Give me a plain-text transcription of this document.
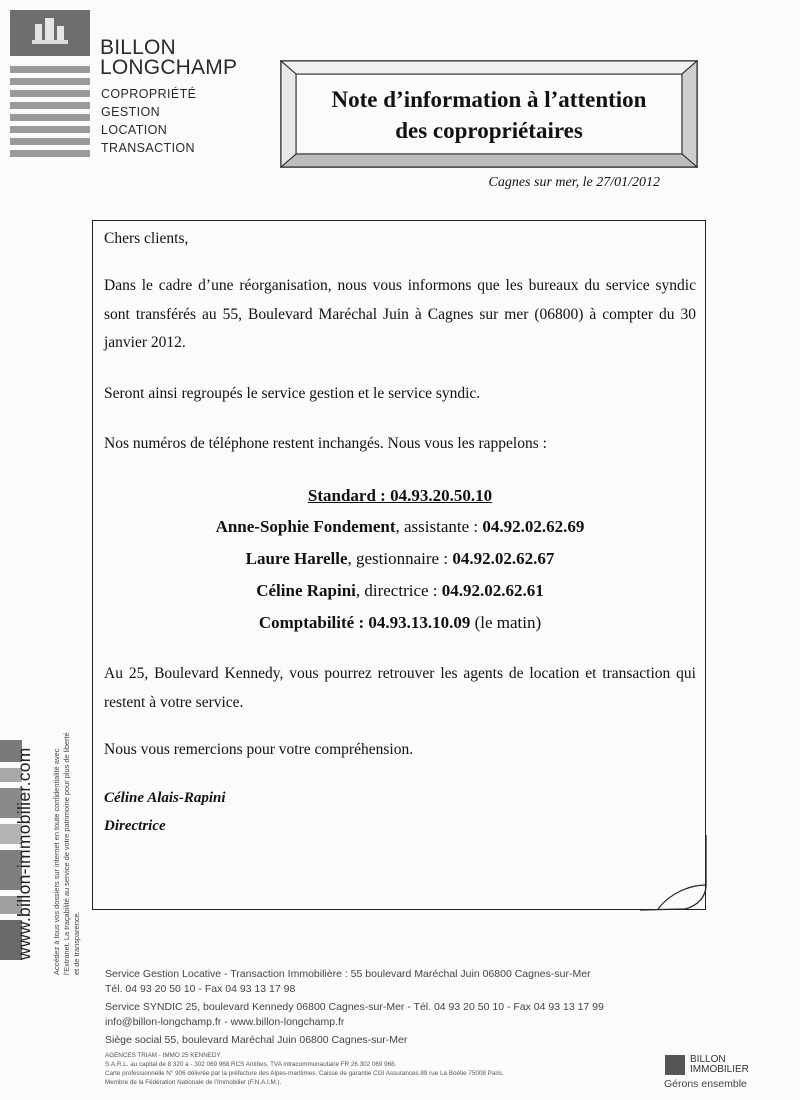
BILLON
LONGCHAMP
COPROPRIÉTÉ
GESTION
LOCATION
TRANSACTION
Note d’information à l’attention
des copropriétaires
Cagnes sur mer, le 27/01/2012
Chers clients,
Dans le cadre d’une réorganisation, nous vous informons que les bureaux du service syndic sont transférés au 55, Boulevard Maréchal Juin à Cagnes sur mer (06800) à compter du 30 janvier 2012.
Seront ainsi regroupés le service gestion et le service syndic.
Nos numéros de téléphone restent inchangés. Nous vous les rappelons :
Standard : 04.93.20.50.10
Anne-Sophie Fondement, assistante : 04.92.02.62.69
Laure Harelle, gestionnaire : 04.92.02.62.67
Céline Rapini, directrice : 04.92.02.62.61
Comptabilité : 04.93.13.10.09 (le matin)
Au 25, Boulevard Kennedy, vous pourrez retrouver les agents de location et transaction qui restent à votre service.
Nous vous remercions pour votre compréhension.
Céline Alais-Rapini
Directrice
www.billon-immobilier.com Accédez à tous vos dossiers sur internet en toute confidentialité avec l’Extranet. La traçabilité au service de votre patrimoine pour plus de liberté et de transparence. Service Gestion Locative - Transaction Immobilière : 55 boulevard Maréchal Juin 06800 Cagnes-sur-Mer
Tél. 04 93 20 50 10 - Fax 04 93 13 17 98
Service SYNDIC 25, boulevard Kennedy 06800 Cagnes-sur-Mer - Tél. 04 93 20 50 10 - Fax 04 93 13 17 99
info@billon-longchamp.fr - www.billon-longchamp.fr
Siège social 55, boulevard Maréchal Juin 06800 Cagnes-sur-Mer
AGENCES TRIAM - IMMO 25 KENNEDY
S.A.R.L. au capital de 8 320 a - 302 069 968 RCS Antibes. TVA intracommunautaire FR 26 302 069 968.
Carte professionnelle N° 906 délivrée par la préfecture des Alpes-maritimes. Caisse de garantie CGI Assurances 89 rue La Boétie 75008 Paris.
Membre de la Fédération Nationale de l’Immobilier (F.N.A.I.M.).
BILLON
IMMOBILIER
Gérons ensemble
